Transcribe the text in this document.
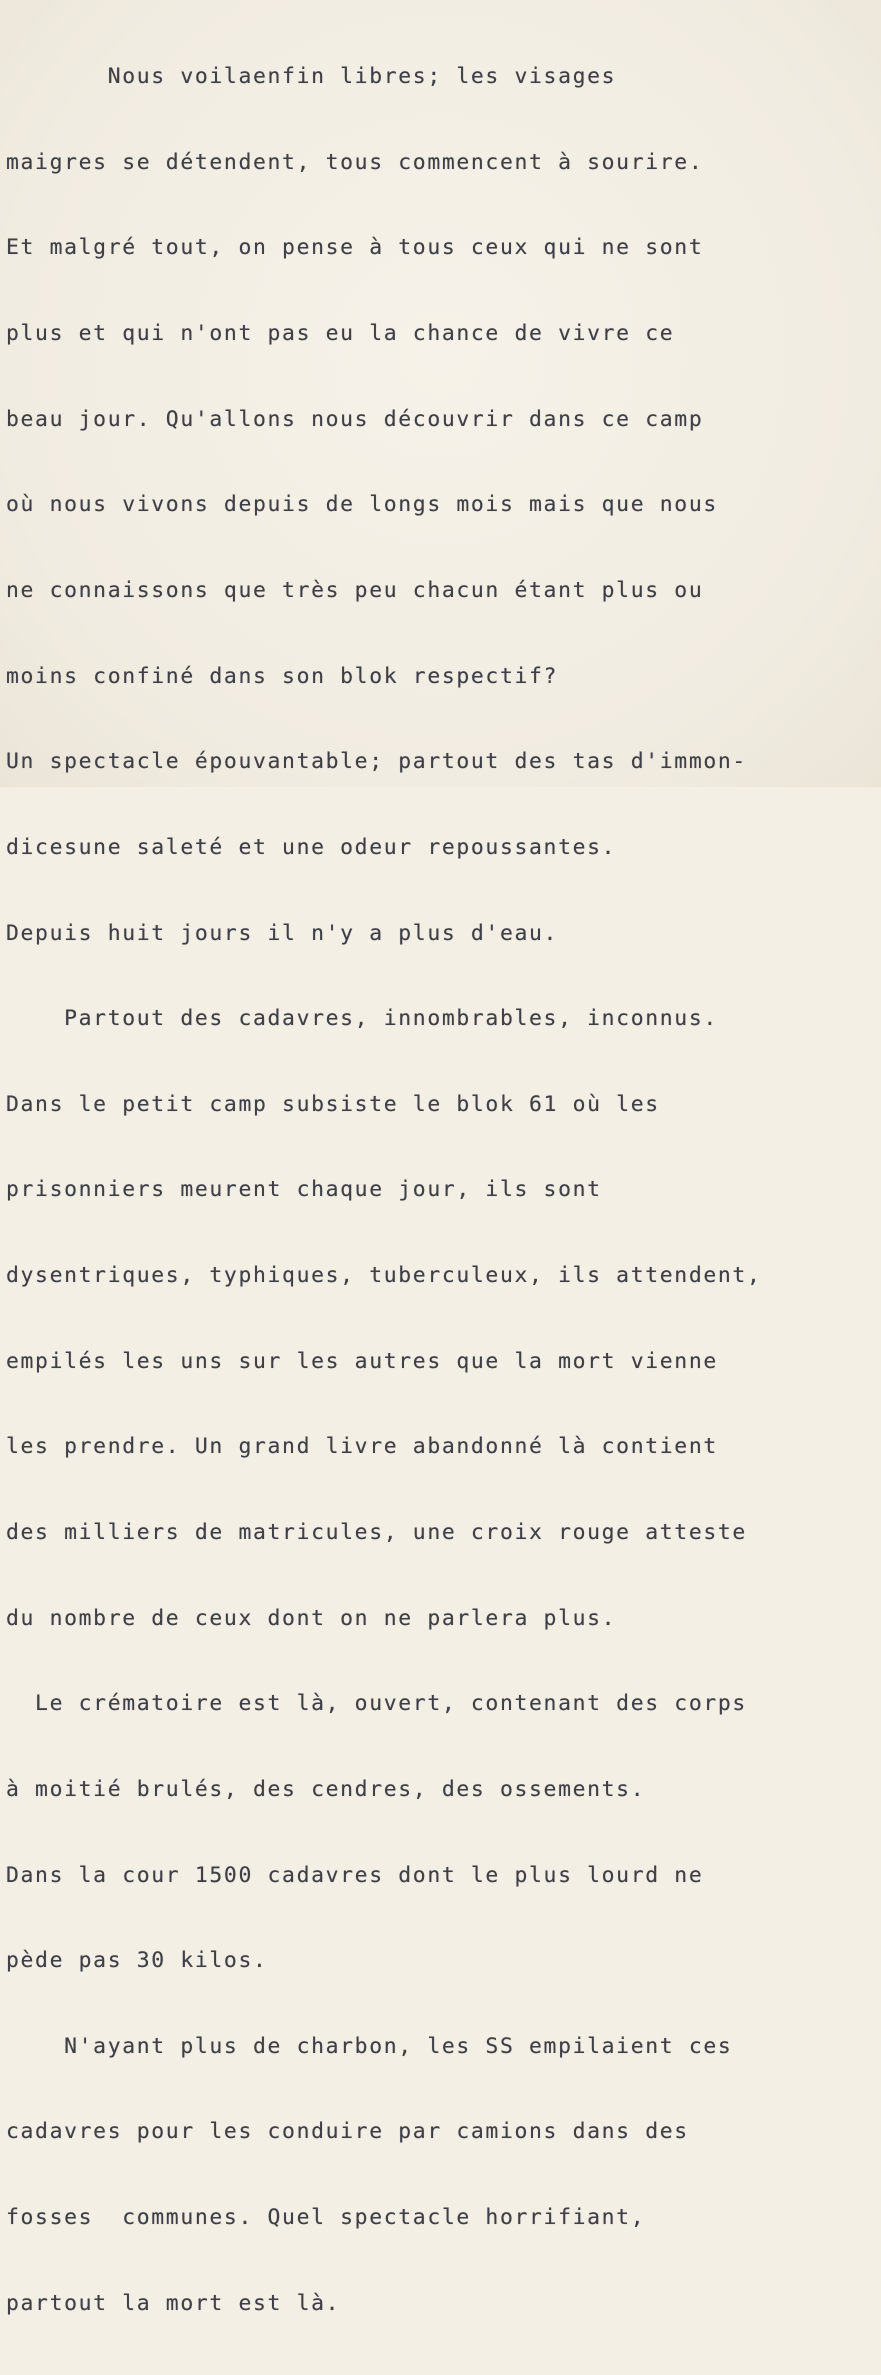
Nous voilaenfin libres; les visages

maigres se détendent, tous commencent à sourire.

Et malgré tout, on pense à tous ceux qui ne sont

plus et qui n'ont pas eu la chance de vivre ce

beau jour. Qu'allons nous découvrir dans ce camp

où nous vivons depuis de longs mois mais que nous

ne connaissons que très peu chacun étant plus ou

moins confiné dans son blok respectif?

Un spectacle épouvantable; partout des tas d'immon-

dicesune saleté et une odeur repoussantes.

Depuis huit jours il n'y a plus d'eau.

Partout des cadavres, innombrables, inconnus.

Dans le petit camp subsiste le blok 61 où les

prisonniers meurent chaque jour, ils sont

dysentriques, typhiques, tuberculeux, ils attendent,

empilés les uns sur les autres que la mort vienne

les prendre. Un grand livre abandonné là contient

des milliers de matricules, une croix rouge atteste

du nombre de ceux dont on ne parlera plus.

Le crématoire est là, ouvert, contenant des corps

à moitié brulés, des cendres, des ossements.

Dans la cour 1500 cadavres dont le plus lourd ne

pède pas 30 kilos.

N'ayant plus de charbon, les SS empilaient ces

cadavres pour les conduire par camions dans des

fosses  communes. Quel spectacle horrifiant,

partout la mort est là.
